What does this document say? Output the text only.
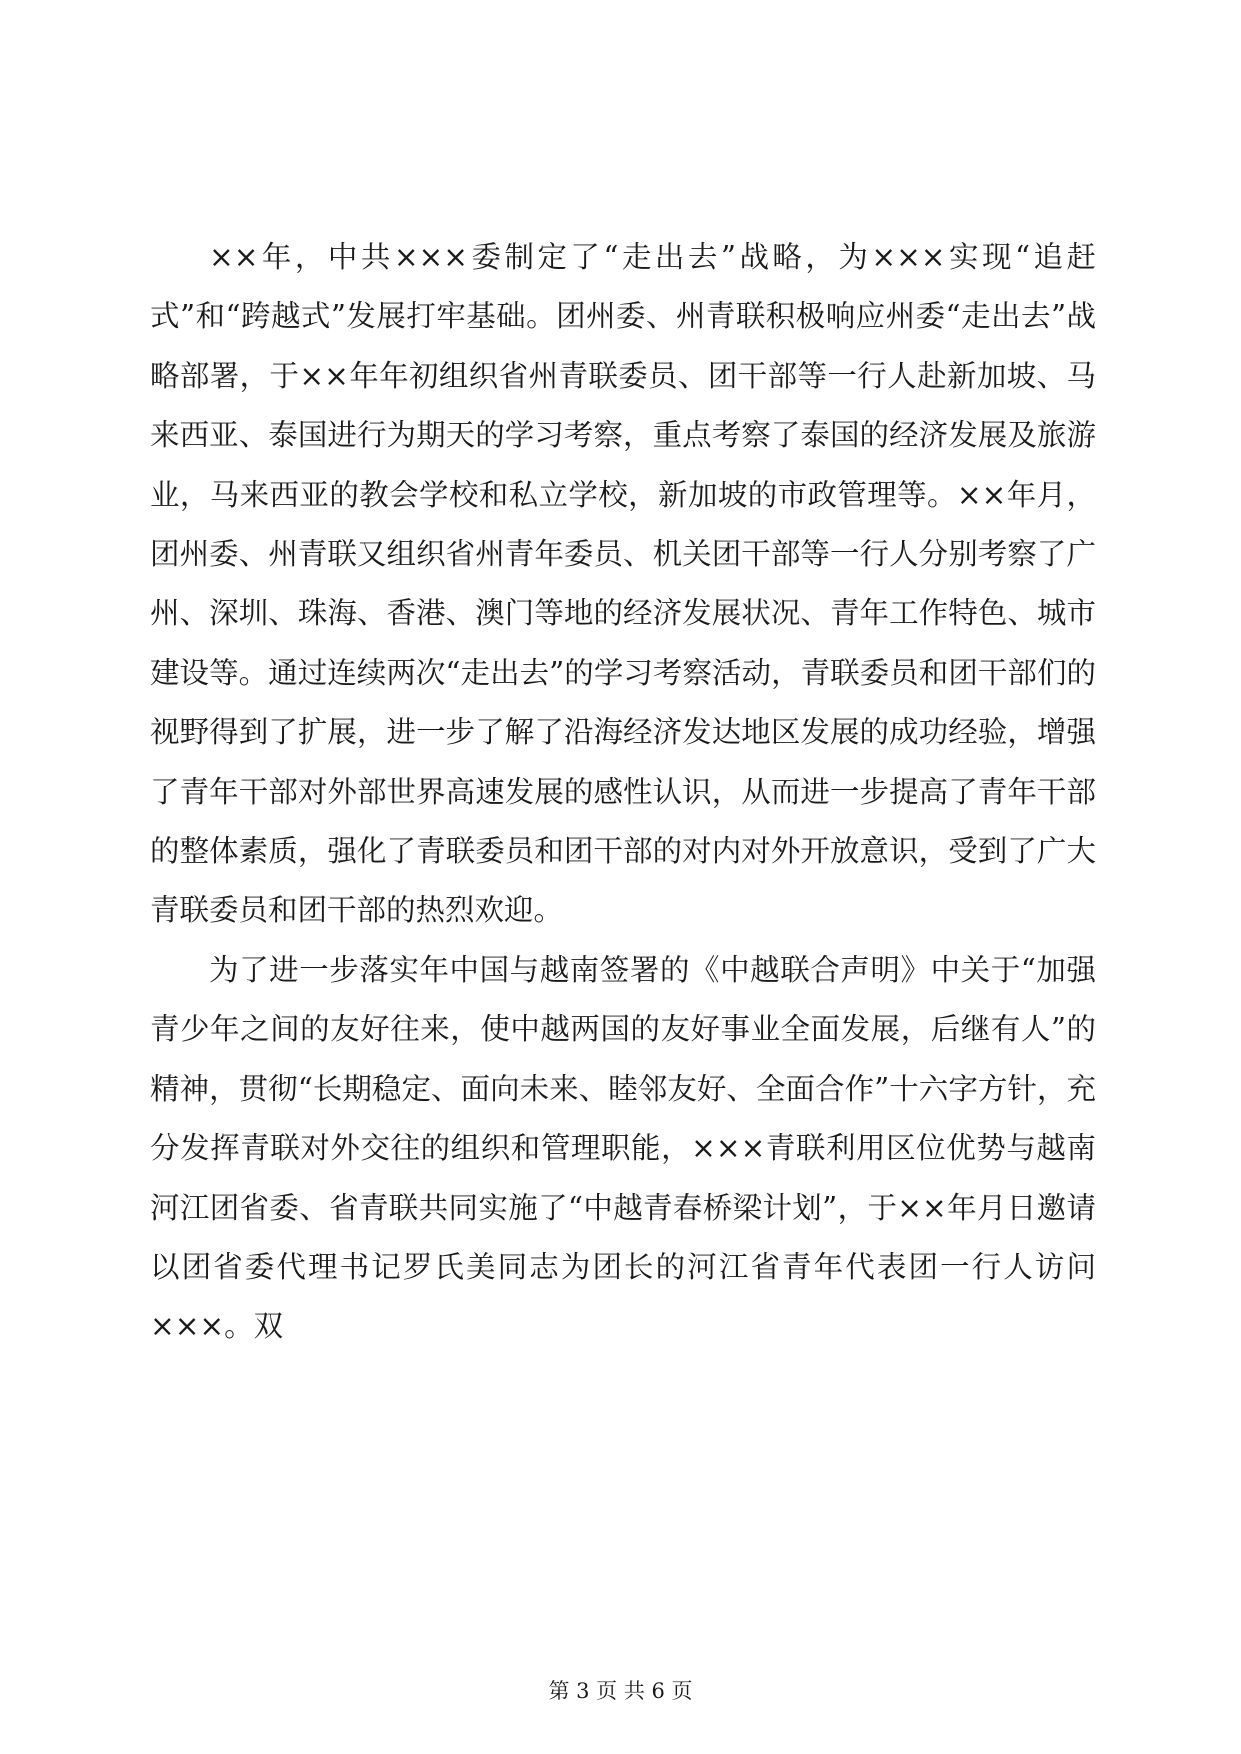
××年，中共×××委制定了“走出去”战略，为×××实现“追赶式”和“跨越式”发展打牢基础。团州委、州青联积极响应州委“走出去”战略部署，于××年年初组织省州青联委员、团干部等一行人赴新加坡、马来西亚、泰国进行为期天的学习考察，重点考察了泰国的经济发展及旅游业，马来西亚的教会学校和私立学校，新加坡的市政管理等。××年月，团州委、州青联又组织省州青年委员、机关团干部等一行人分别考察了广州、深圳、珠海、香港、澳门等地的经济发展状况、青年工作特色、城市建设等。通过连续两次“走出去”的学习考察活动，青联委员和团干部们的视野得到了扩展，进一步了解了沿海经济发达地区发展的成功经验，增强了青年干部对外部世界高速发展的感性认识，从而进一步提高了青年干部的整体素质，强化了青联委员和团干部的对内对外开放意识，受到了广大青联委员和团干部的热烈欢迎。

为了进一步落实年中国与越南签署的《中越联合声明》中关于“加强青少年之间的友好往来，使中越两国的友好事业全面发展，后继有人”的精神，贯彻“长期稳定、面向未来、睦邻友好、全面合作”十六字方针，充分发挥青联对外交往的组织和管理职能，×××青联利用区位优势与越南河江团省委、省青联共同实施了“中越青春桥梁计划”，于××年月日邀请以团省委代理书记罗氏美同志为团长的河江省青年代表团一行人访问×××。双

第 3 页 共 6 页
